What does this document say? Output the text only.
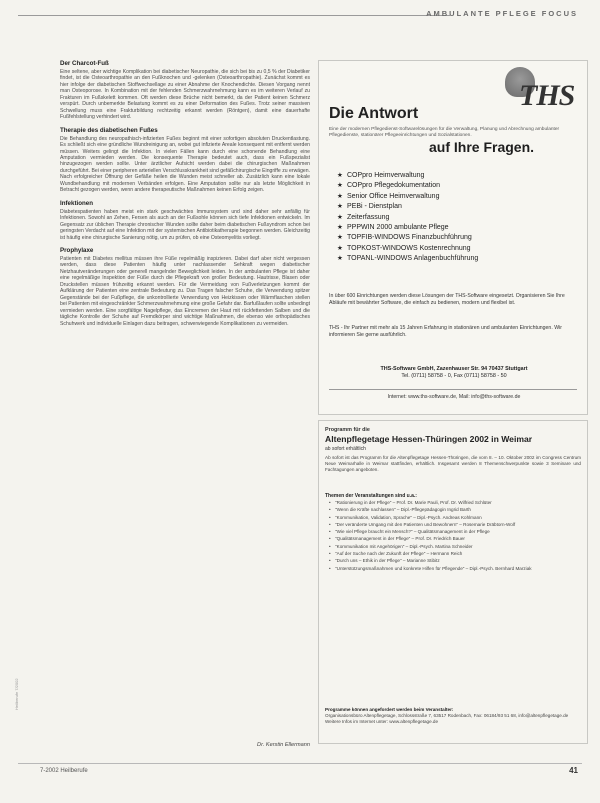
AMBULANTE PFLEGE FOCUS
Der Charcot-Fuß

Eine seltene, aber wichtige Komplikation bei diabetischer Neuropathie, die sich bei bis zu 0,5 % der Diabetiker findet, ist die Osteoarthropathie an den Fußknochen und -gelenken (Osteoarthropathie). Zunächst kommt es hier infolge der diabetischen Stoffwechsellage zu einer Abnahme der Knochendichte. Diesen Vorgang nennt man Osteoporose. In Kombination mit der fehlenden Schmerzwahrnehmung kann es im weiteren Verlauf zu Frakturen im Fußskelett kommen. Oft werden diese Brüche nicht bemerkt, da der Patient keinen Schmerz verspürt. Durch unbemerkte Belastung kommt es zu einer Deformation des Fußes. Trotz seiner massiven Schwellung muss eine Frakturbildung rechtzeitig erkannt werden (Röntgen), damit eine dauerhafte Fußfehlstellung verhindert wird.

Therapie des diabetischen Fußes

Die Behandlung des neuropathisch-infizierten Fußes beginnt mit einer sofortigen absoluten Druckentlastung. Es schließt sich eine gründliche Wundreinigung an, wobei gut infizierte Areale konsequent mit entfernt werden müssen. Weiters gelingt die Infektion. In vielen Fällen kann durch eine schonende Behandlung eine Amputation vermieden werden. Die konsequente Therapie bedeutet auch, dass ein Fußspezialist hinzugezogen werden sollte. Unter ärztlicher Aufsicht werden dabei die chirurgischen Maßnahmen durchgeführt. Bei einer peripheren arteriellen Verschlusskrankheit sind gefäßchirurgische Eingriffe zu erwägen. Nach erfolgreicher Öffnung der Gefäße heilen die Wunden meist schneller ab. Zusätzlich kann eine lokale Wundbehandlung mit modernen Verbänden erfolgen. Eine Amputation sollte nur als letzte Möglichkeit in Betracht gezogen werden, wenn andere therapeutische Maßnahmen keinen Erfolg zeigen.

Infektionen

Diabetespatienten haben meist ein stark geschwächtes Immunsystem und sind daher sehr anfällig für Infektionen. Sowohl an Zehen, Fersen als auch an der Fußsohle können sich tiefe Infektionen entwickeln. Im Gegensatz zur üblichen Therapie chronischer Wunden sollte daher beim diabetischen Fußsyndrom schon bei geringsten Verdacht auf eine Infektion mit der systemischen Antibiotikatherapie begonnen werden. Gleichzeitig ist häufig eine chirurgische Sanierung nötig, um zu prüfen, ob eine Osteomyelitis vorliegt.

Prophylaxe

Patienten mit Diabetes mellitus müssen ihre Füße regelmäßig inspizieren. Dabei darf aber nicht vergessen werden, dass diese Patienten häufig unter nachlassender Sehkraft wegen diabetischer Netzhautveränderungen oder generell mangelnder Beweglichkeit leiden. In der ambulanten Pflege ist daher eine regelmäßige Inspektion der Füße durch die Pflegekraft von großer Bedeutung. Hautrisse, Blasen oder Druckstellen müssen frühzeitig erkannt werden. Für die Vermeidung von Fußverletzungen kommt der Aufklärung der Patienten eine zentrale Bedeutung zu. Das Tragen falscher Schuhe, die Verwendung spitzer Gegenstände bei der Fußpflege, die unkontrollierte Verwendung von Heizkissen oder Wärmflaschen stellen bei Patienten mit eingeschränkter Schmerzwahrnehmung eine große Gefahr dar. Barfußlaufen sollte unbedingt vermieden werden. Eine sorgfältige Nagelpflege, das Eincremen der Haut mit rückfettenden Salben und die tägliche Kontrolle der Schuhe auf Fremdkörper sind wichtige Maßnahmen, die ebenso wie orthopädisches Schuhwerk und individuelle Einlagen dazu beitragen, schwerwiegende Komplikationen zu vermeiden.

Dr. Kerstin Ellermann
THS
Die Antwort
Eine der modernen Pflegedienst-Softwarelösungen für die Verwaltung, Planung und Abrechnung ambulanter Pflegedienste, stationärer Pflegeeinrichtungen und Sozialstationen.
auf Ihre Fragen.
★ COPpro Heimverwaltung
★ COPpro Pflegedokumentation
★ Senior Office Heimverwaltung
★ PEBi - Dienstplan
★ Zeiterfassung
★ PPPWIN 2000 ambulante Pflege
★ TOPFIB-WINDOWS Finanzbuchführung
★ TOPKOST-WINDOWS Kostenrechnung
★ TOPANL-WINDOWS Anlagenbuchführung
In über 600 Einrichtungen werden diese Lösungen der THS-Software eingesetzt. Organisieren Sie Ihre Abläufe mit bewährter Software, die einfach zu bedienen, modern und flexibel ist.
THS - Ihr Partner mit mehr als 15 Jahren Erfahrung in stationären und ambulanten Einrichtungen. Wir informieren Sie gerne ausführlich.
THS-Software GmbH, Zazenhauser Str. 94 70437 Stuttgart
Tel. (0711) 58758 - 0, Fax (0711) 58758 - 50
Internet: www.ths-software.de, Mail: info@ths-software.de
Programm für die
Altenpflegetage Hessen-Thüringen 2002 in Weimar
ab sofort erhältlich
Ab sofort ist das Programm für die Altenpflegetage Hessen-Thüringen, die vom 8. – 10. Oktober 2002 im Congress Centrum Neue Weimarhalle in Weimar stattfinden, erhältlich. Insgesamt werden 8 Themenschwerpunkte sowie 3 Seminare und Fachtagungen angeboten.
Themen der Veranstaltungen sind u.a.:
• "Rationierung in der Pflege" – Prof. Dr. Marie Pauli, Prof. Dr. Wilfried Schlüter
• "Wenn die Kräfte nachlassen" – Dipl.-Pflegepädagogin Ingrid Barth
• "Kommunikation, Validation, Sprache" – Dipl.-Psych. Andreas Kohlmann
• "Der veränderte Umgang mit den Patienten und Bewohnern" – Rosemarie Dräbtorn-Wolf
• "Wie viel Pflege braucht ein Mensch?" – Qualitätsmanagement in der Pflege
• "Qualitätsmanagement in der Pflege" – Prof. Dr. Friedrich Bauer
• "Kommunikation mit Angehörigen" – Dipl.-Psych. Martina Schneider
• "Auf der Suche nach der Zukunft der Pflege" – Hermann Reich
• "Durch uns – Ethik in der Pflege" – Marianne Stibitz
• "Unterstützungsmaßnahmen und konkrete Hilfen für Pflegende" – Dipl.-Psych. Bernhard Marziak
Programme können angefordert werden beim Veranstalter:
Organisationsbüro Altenpflegetage, Schlossstraße 7, 63517 Rodenbach, Fax: 06184/93 51 68, info@altenpflegetage.de
Weitere Infos im Internet unter: www.altenpflegetage.de
Heilberufe 7/2002
7-2002 Heilberufe	41
